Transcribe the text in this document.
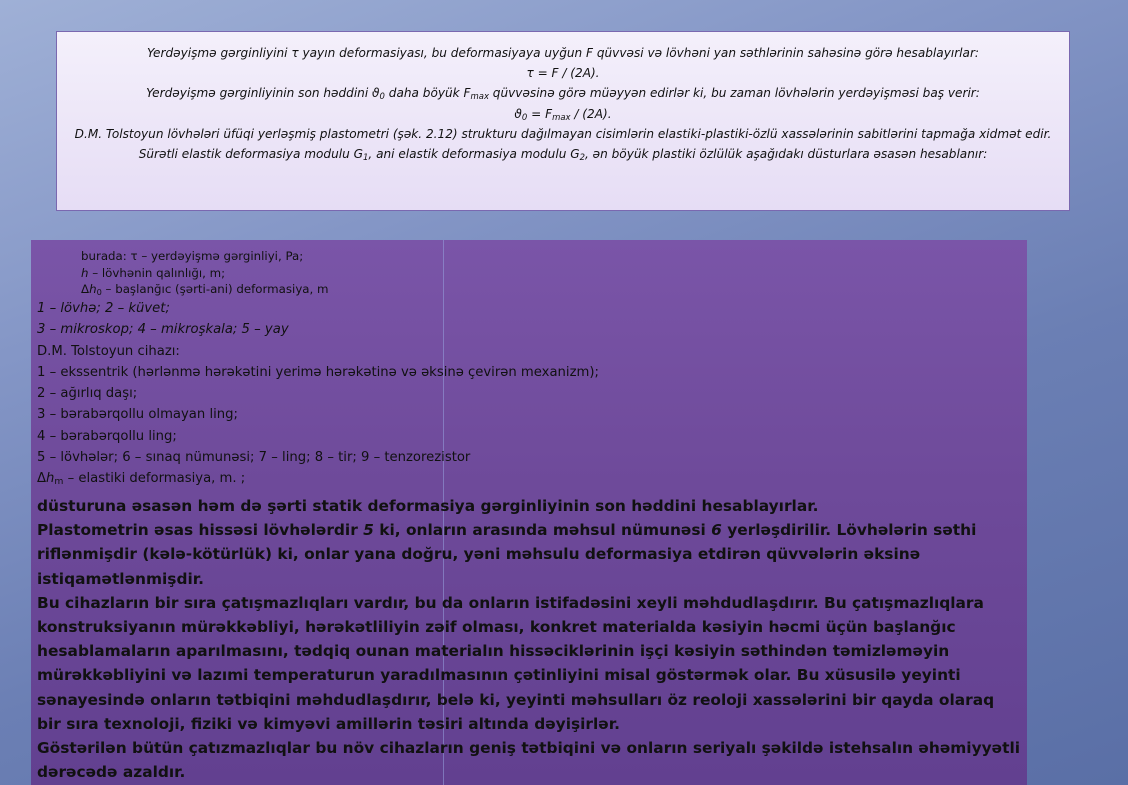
Yerdəyişmə gərginliyini τ yayın deformasiyası, bu deformasiyaya uyğun F qüvvəsi və lövhəni yan səthlərinin sahəsinə görə hesablayırlar:

τ = F / (2A).

Yerdəyişmə gərginliyinin son həddini $ϑ_0$ daha böyük $F_{max}$ qüvvəsinə görə müəyyən edirlər ki, bu zaman lövhələrin yerdəyişməsi baş verir:

$ϑ_0 = F_{max} / (2A)$.

D.M. Tolstoyun lövhələri üfüqi yerləşmiş plastometri (şək. 2.12) strukturu dağılmayan cisimlərin elastiki-plastiki-özlü xassələrinin sabitlərini tapmağa xidmət edir.

Sürətli elastik deformasiya modulu $G_1$, ani elastik deformasiya modulu $G_2$, ən böyük plastiki özlülük aşağıdakı düsturlara əsasən hesablanır:

burada: τ – yerdəyişmə gərginliyi, Pa;

h – lövhənin qalınlığı, m;

$\Delta h_0$ – başlanğıc (şərti-ani) deformasiya, m

1 – lövhə; 2 – küvet;

3 – mikroskop; 4 – mikroşkala; 5 – yay

D.M. Tolstoyun cihazı:

1 – ekssentrik (hərlənmə hərəkətini yerimə hərəkətinə və əksinə çevirən mexanizm);

2 – ağırlıq daşı;

3 – bərabərqollu olmayan ling;

4 – bərabərqollu ling;

5 – lövhələr; 6 – sınaq nümunəsi; 7 – ling; 8 – tir; 9 – tenzorezistor

$\Delta h_m$ – elastiki deformasiya, m. ;

düsturuna əsasən həm də şərti statik deformasiya gərginliyinin son həddini hesablayırlar.

Plastometrin əsas hissəsi lövhələrdir 5 ki, onların arasında məhsul nümunəsi 6 yerləşdirilir. Lövhələrin səthi riflənmişdir (kələ-kötürlük) ki, onlar yana doğru, yəni məhsulu deformasiya etdirən qüvvələrin əksinə istiqamətlənmişdir.

Bu cihazların bir sıra çatışmazlıqları vardır, bu da onların istifadəsini xeyli məhdudlaşdırır. Bu çatışmazlıqlara konstruksiyanın mürəkkəbliyi, hərəkətliliyin zəif olması, konkret materialda kəsiyin həcmi üçün başlanğıc hesablamaların aparılmasını, tədqiq ounan materialın hissəciklərinin işçi kəsiyin səthindən təmizləməyin mürəkkəbliyini və lazımi temperaturun yaradılmasının çətinliyini misal göstərmək olar. Bu xüsusilə yeyinti sənayesində onların tətbiqini məhdudlaşdırır, belə ki, yeyinti məhsulları öz reoloji xassələrini bir qayda olaraq bir sıra texnoloji, fiziki və kimyəvi amillərin təsiri altında dəyişirlər.

Göstərilən bütün çatızmazlıqlar bu növ cihazların geniş tətbiqini və onların seriyalı şəkildə istehsalın əhəmiyyətli dərəcədə azaldır.
